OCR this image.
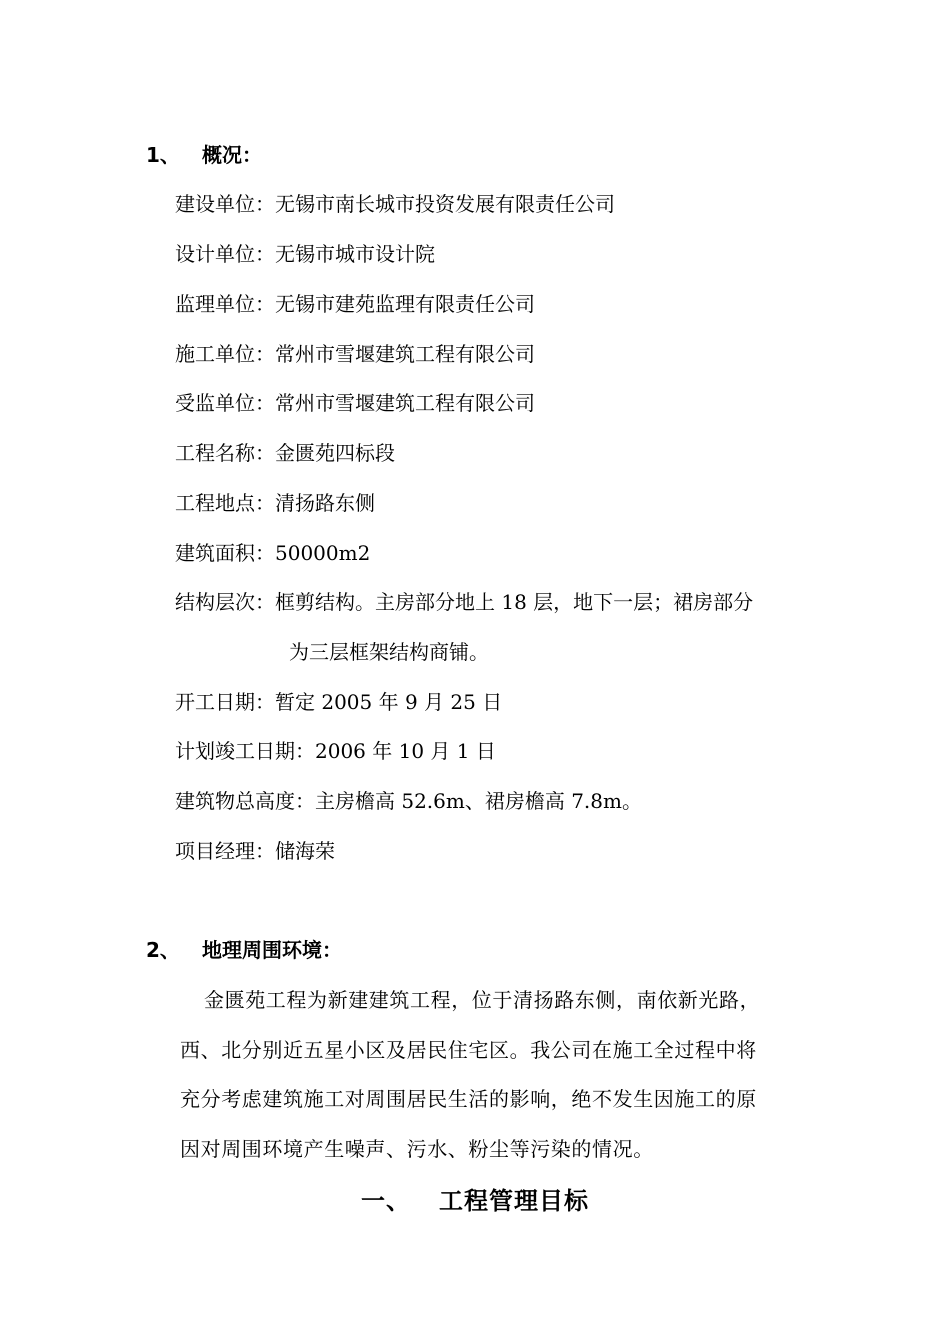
1、 概况：
建设单位：无锡市南长城市投资发展有限责任公司
设计单位：无锡市城市设计院
监理单位：无锡市建苑监理有限责任公司
施工单位：常州市雪堰建筑工程有限公司
受监单位：常州市雪堰建筑工程有限公司
工程名称：金匮苑四标段
工程地点：清扬路东侧
建筑面积：50000m2
结构层次：框剪结构。主房部分地上 18 层，地下一层；裙房部分
为三层框架结构商铺。
开工日期：暂定 2005 年 9 月 25 日
计划竣工日期：2006 年 10 月 1 日
建筑物总高度：主房檐高 52.6m、裙房檐高 7.8m。
项目经理：储海荣
2、 地理周围环境：
金匮苑工程为新建建筑工程，位于清扬路东侧，南依新光路，
西、北分别近五星小区及居民住宅区。我公司在施工全过程中将
充分考虑建筑施工对周围居民生活的影响，绝不发生因施工的原
因对周围环境产生噪声、污水、粉尘等污染的情况。
一、 工程管理目标
